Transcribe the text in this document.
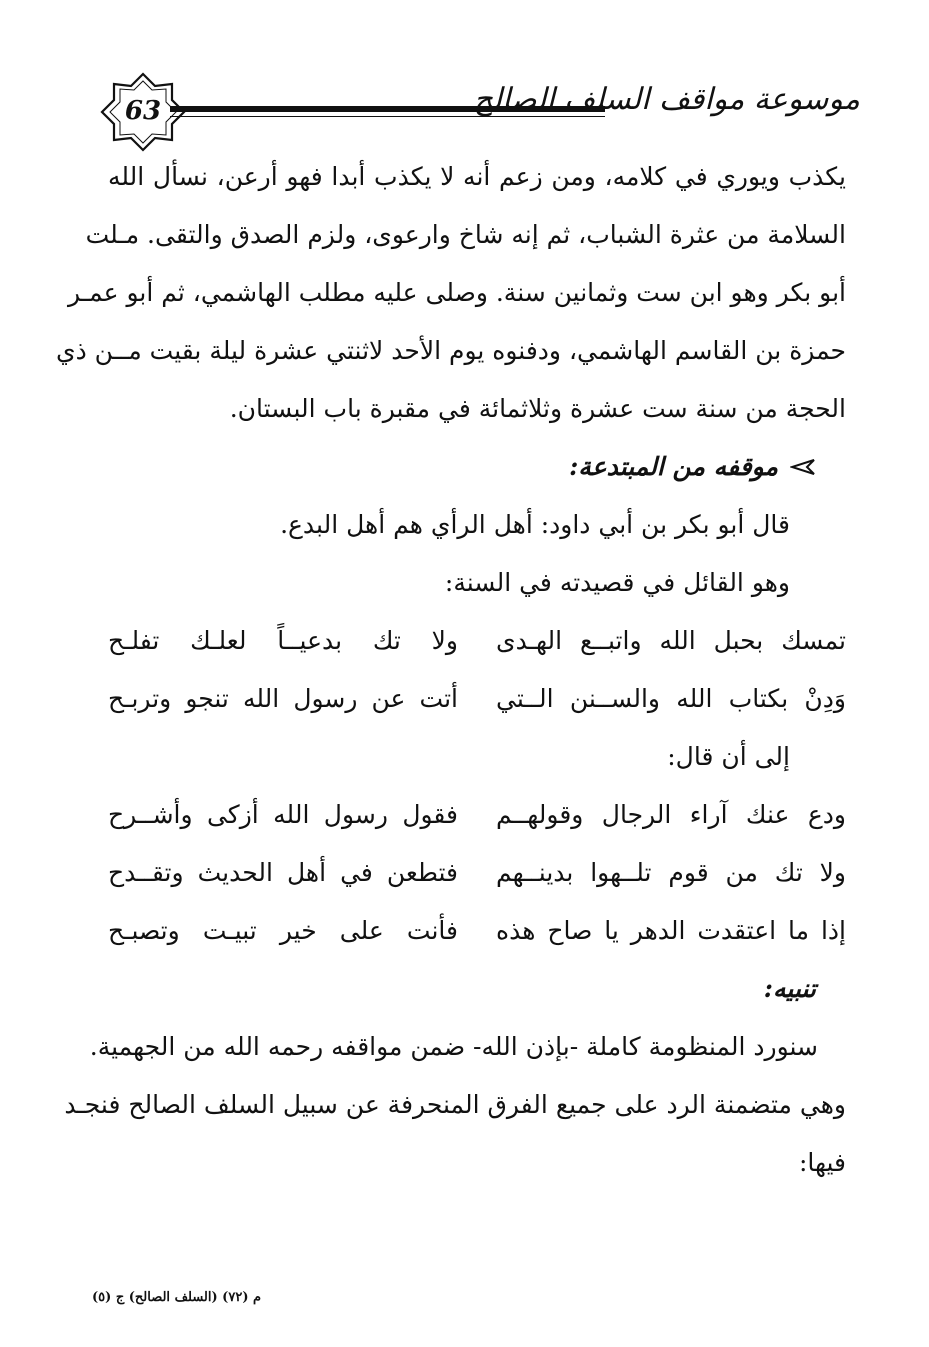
63	موسوعة مواقف السلف الصالح
يكذب ويوري في كلامه، ومن زعم أنه لا يكذب أبدا فهو أرعن، نسأل الله
السلامة من عثرة الشباب، ثم إنه شاخ وارعوى، ولزم الصدق والتقى. مـلت
أبو بكر وهو ابن ست وثمانين سنة. وصلى عليه مطلب الهاشمي، ثم أبو عمـر
حمزة بن القاسم الهاشمي، ودفنوه يوم الأحد لاثنتي عشرة ليلة بقيت مــن ذي
الحجة من سنة ست عشرة وثلاثمائة في مقبرة باب البستان.
موقفه من المبتدعة:
قال أبو بكر بن أبي داود: أهل الرأي هم أهل البدع.
وهو القائل في قصيدته في السنة:
تمسك بحبل الله واتبــع الهـدى
ولا تك بدعيــاً لعلـك تفلـح
وَدِنْ بكتاب الله والســنن الــتي
أتت عن رسول الله تنجو وتربـح
إلى أن قال:
ودع عنك آراء الرجال وقولهــم
فقول رسول الله أزكى وأشــرح
ولا تك من قوم تلــهوا بدينــهم
فتطعن في أهل الحديث وتقــدح
إذا ما اعتقدت الدهر يا صاح هذه
فأنت على خير تبيـت وتصبـح
تنبيه:
سنورد المنظومة كاملة -بإذن الله- ضمن مواقفه رحمه الله من الجهمية.
وهي متضمنة الرد على جميع الفرق المنحرفة عن سبيل السلف الصالح فنجـد
فيها:
م (٧٢) (السلف الصالح) ج (٥)
